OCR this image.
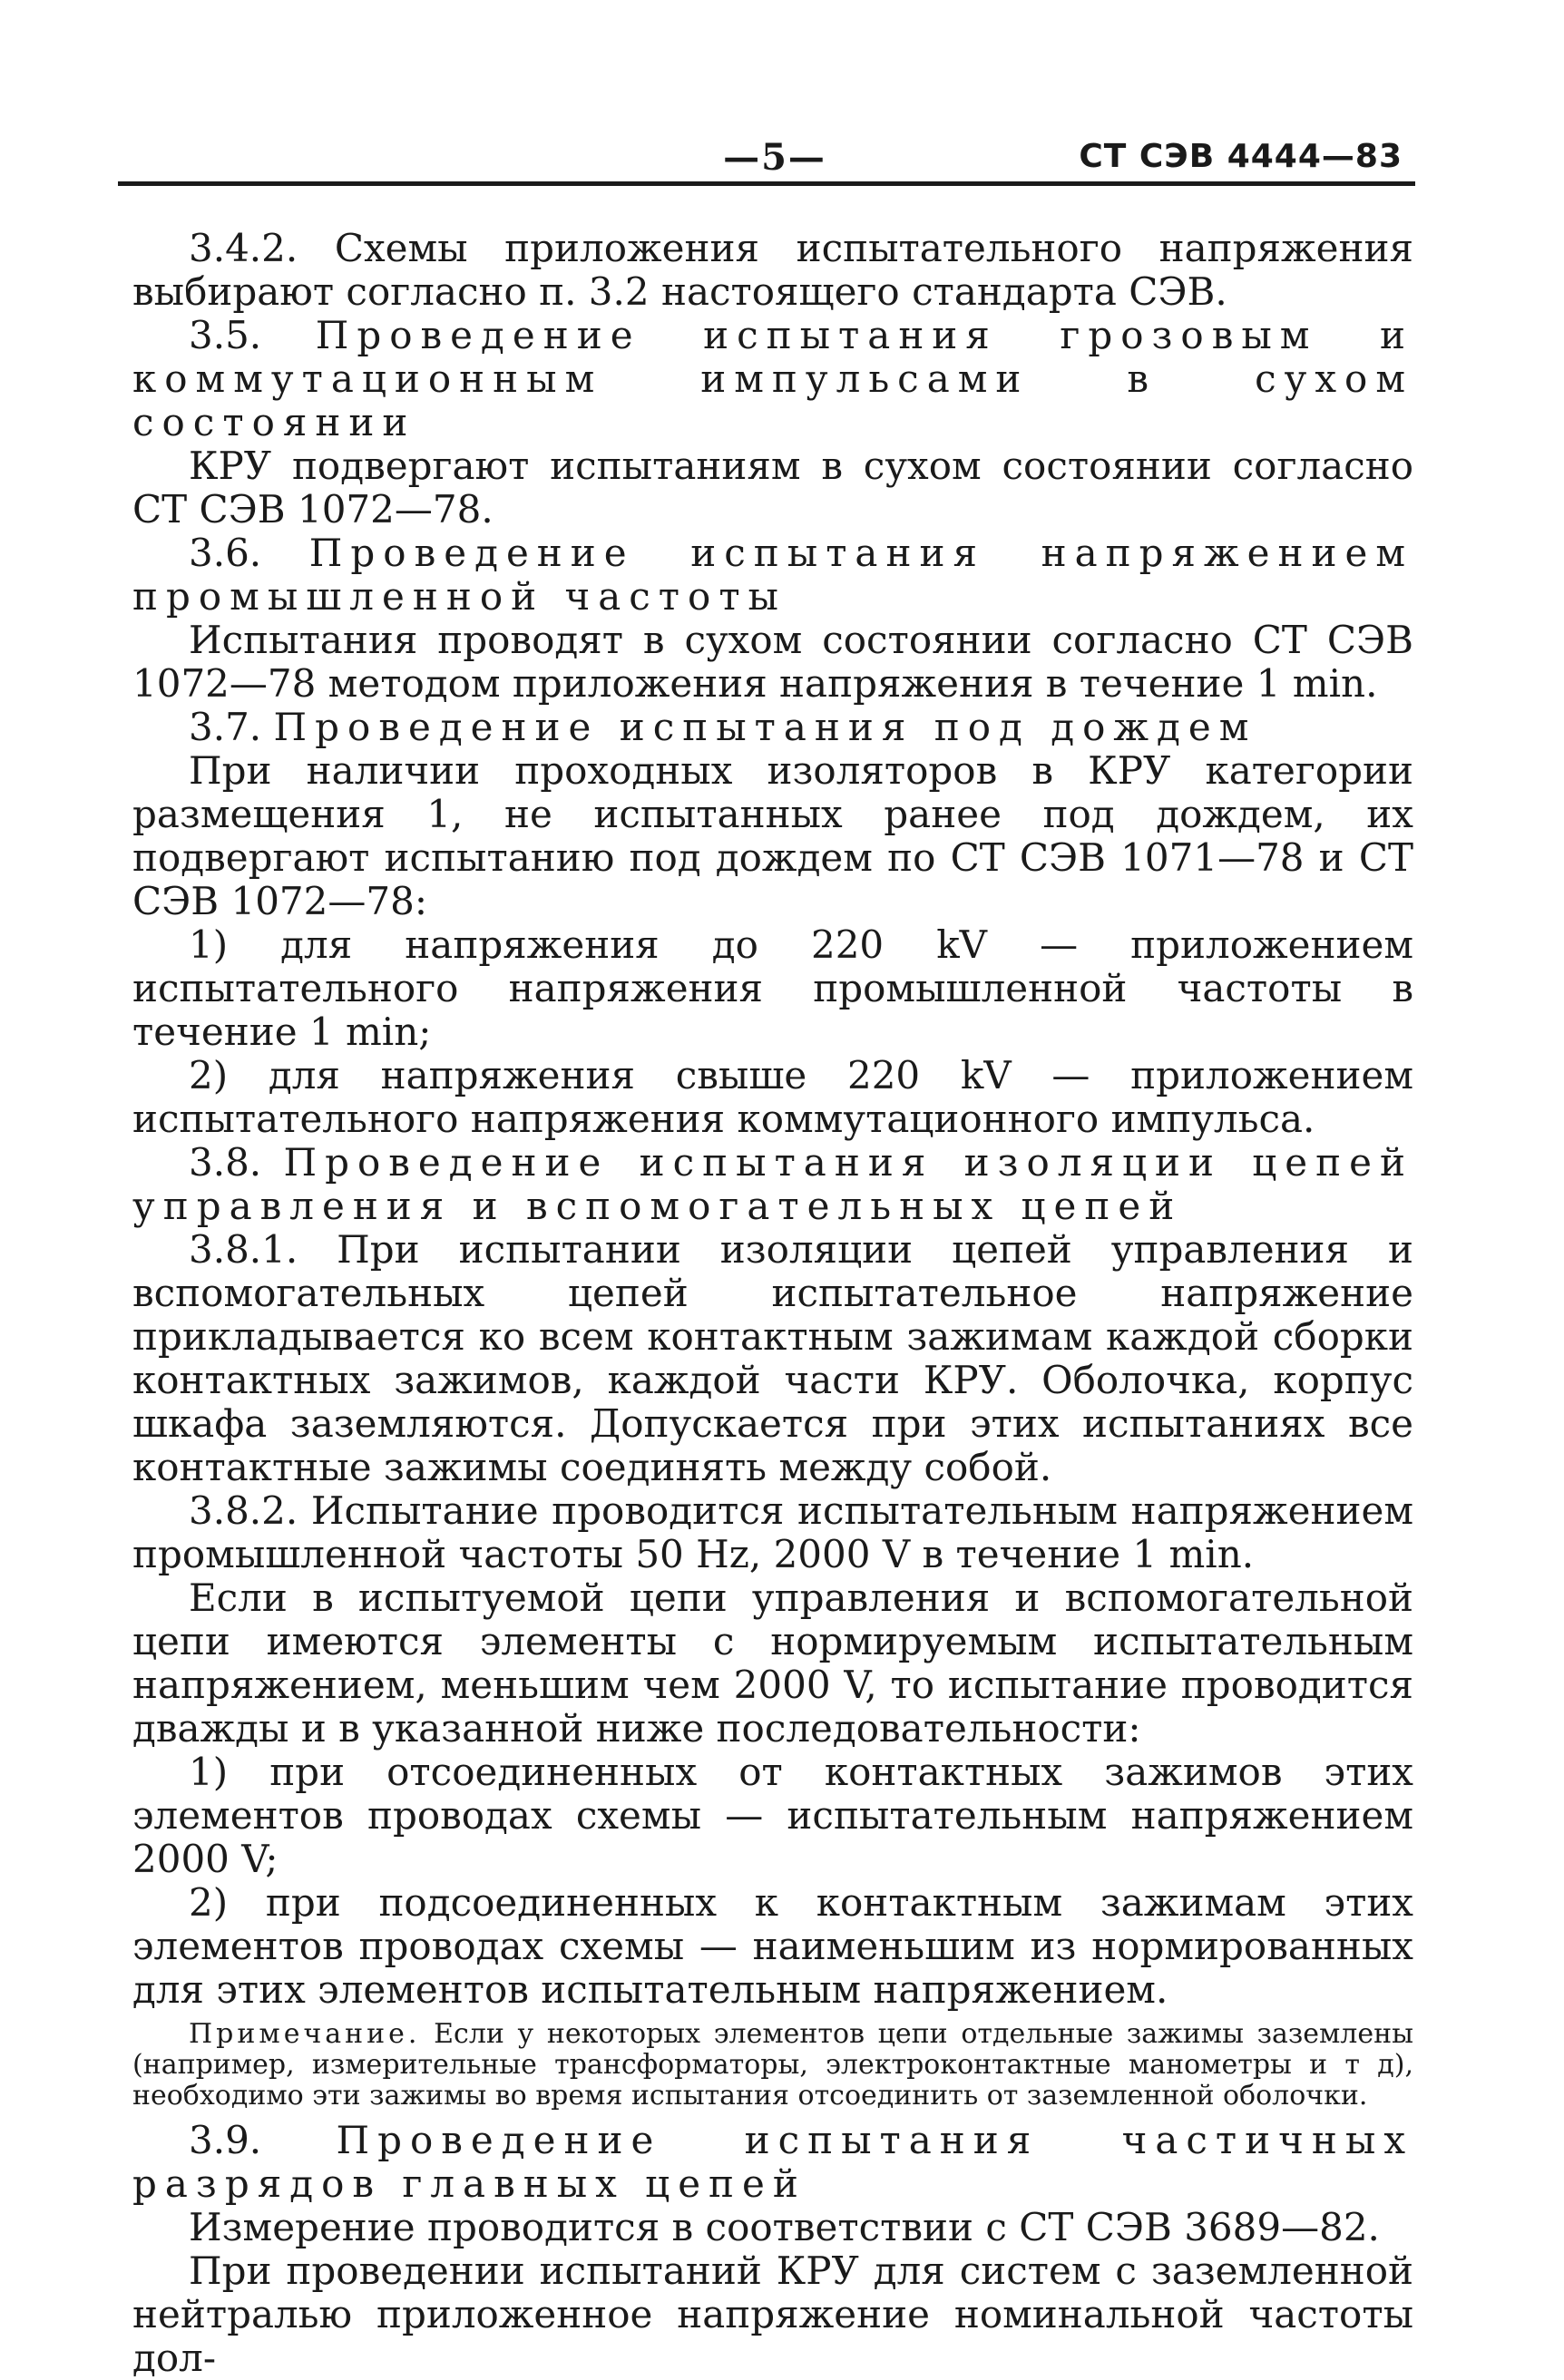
—5—	СТ СЭВ 4444—83

3.4.2. Схемы приложения испытательного напряжения выбирают согласно п. 3.2 настоящего стандарта СЭВ.

3.5. Проведение испытания грозовым и коммутационным импульсами в сухом состоянии

КРУ подвергают испытаниям в сухом состоянии согласно СТ СЭВ 1072—78.

3.6. Проведение испытания напряжением промышленной частоты

Испытания проводят в сухом состоянии согласно СТ СЭВ 1072—78 методом приложения напряжения в течение 1 min.

3.7. Проведение испытания под дождем

При наличии проходных изоляторов в КРУ категории размещения 1, не испытанных ранее под дождем, их подвергают испытанию под дождем по СТ СЭВ 1071—78 и СТ СЭВ 1072—78:

1) для напряжения до 220 kV — приложением испытательного напряжения промышленной частоты в течение 1 min;

2) для напряжения свыше 220 kV — приложением испытательного напряжения коммутационного импульса.

3.8. Проведение испытания изоляции цепей управления и вспомогательных цепей

3.8.1. При испытании изоляции цепей управления и вспомогательных цепей испытательное напряжение прикладывается ко всем контактным зажимам каждой сборки контактных зажимов, каждой части КРУ. Оболочка, корпус шкафа заземляются. Допускается при этих испытаниях все контактные зажимы соединять между собой.

3.8.2. Испытание проводится испытательным напряжением промышленной частоты 50 Hz, 2000 V в течение 1 min.

Если в испытуемой цепи управления и вспомогательной цепи имеются элементы с нормируемым испытательным напряжением, меньшим чем 2000 V, то испытание проводится дважды и в указанной ниже последовательности:

1) при отсоединенных от контактных зажимов этих элементов проводах схемы — испытательным напряжением 2000 V;

2) при подсоединенных к контактным зажимам этих элементов проводах схемы — наименьшим из нормированных для этих элементов испытательным напряжением.

Примечание. Если у некоторых элементов цепи отдельные зажимы заземлены (например, измерительные трансформаторы, электроконтактные манометры и т д), необходимо эти зажимы во время испытания отсоединить от заземленной оболочки.

3.9. Проведение испытания частичных разрядов главных цепей

Измерение проводится в соответствии с СТ СЭВ 3689—82.

При проведении испытаний КРУ для систем с заземленной нейтралью приложенное напряжение номинальной частоты дол-
